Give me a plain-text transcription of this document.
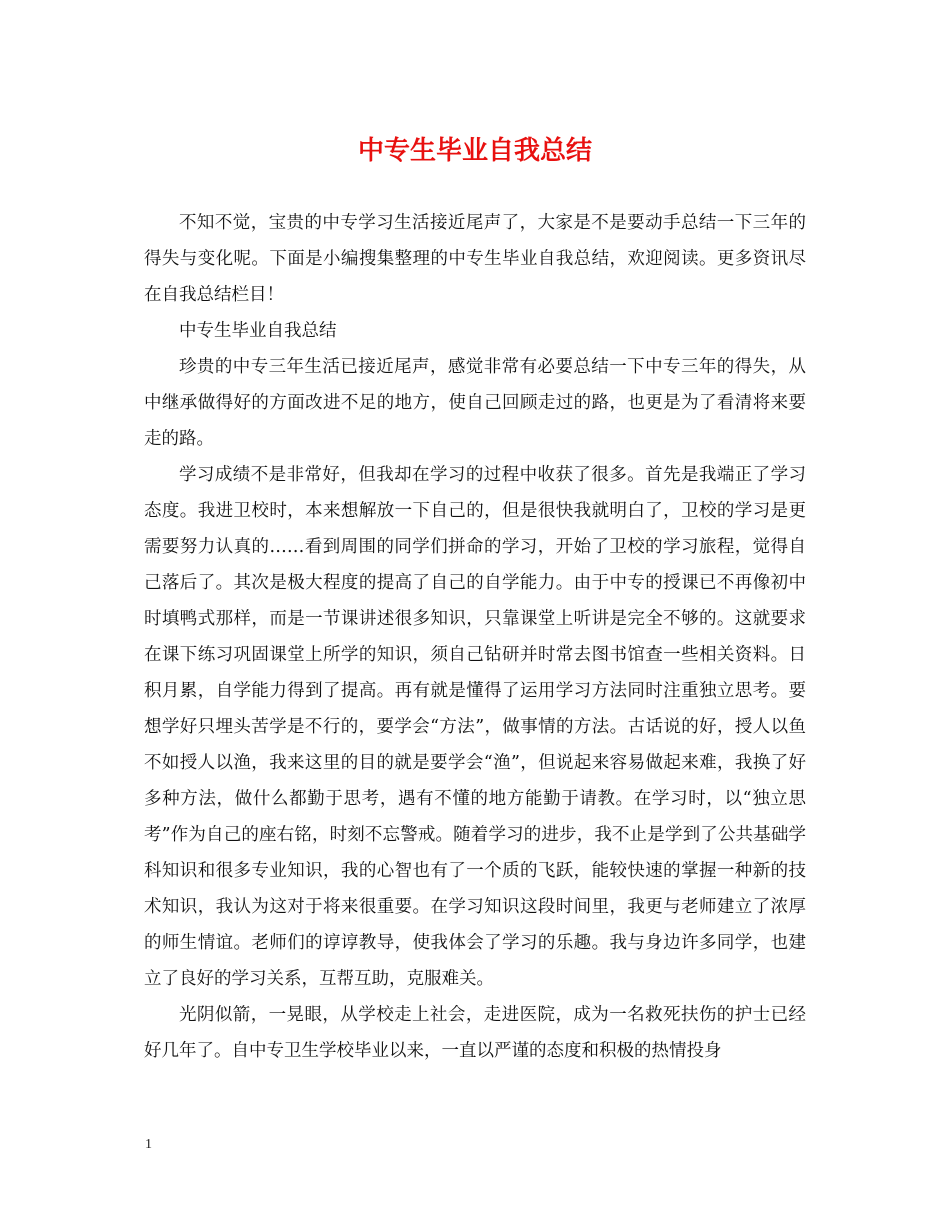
中专生毕业自我总结

不知不觉，宝贵的中专学习生活接近尾声了，大家是不是要动手总结一下三年的得失与变化呢。下面是小编搜集整理的中专生毕业自我总结，欢迎阅读。更多资讯尽在自我总结栏目！

中专生毕业自我总结

珍贵的中专三年生活已接近尾声，感觉非常有必要总结一下中专三年的得失，从中继承做得好的方面改进不足的地方，使自己回顾走过的路，也更是为了看清将来要走的路。

学习成绩不是非常好，但我却在学习的过程中收获了很多。首先是我端正了学习态度。我进卫校时，本来想解放一下自己的，但是很快我就明白了，卫校的学习是更需要努力认真的……看到周围的同学们拼命的学习，开始了卫校的学习旅程，觉得自己落后了。其次是极大程度的提高了自己的自学能力。由于中专的授课已不再像初中时填鸭式那样，而是一节课讲述很多知识，只靠课堂上听讲是完全不够的。这就要求在课下练习巩固课堂上所学的知识，须自己钻研并时常去图书馆查一些相关资料。日积月累，自学能力得到了提高。再有就是懂得了运用学习方法同时注重独立思考。要想学好只埋头苦学是不行的，要学会“方法”，做事情的方法。古话说的好，授人以鱼不如授人以渔，我来这里的目的就是要学会“渔”，但说起来容易做起来难，我换了好多种方法，做什么都勤于思考，遇有不懂的地方能勤于请教。在学习时，以“独立思考”作为自己的座右铭，时刻不忘警戒。随着学习的进步，我不止是学到了公共基础学科知识和很多专业知识，我的心智也有了一个质的飞跃，能较快速的掌握一种新的技术知识，我认为这对于将来很重要。在学习知识这段时间里，我更与老师建立了浓厚的师生情谊。老师们的谆谆教导，使我体会了学习的乐趣。我与身边许多同学，也建立了良好的学习关系，互帮互助，克服难关。

光阴似箭，一晃眼，从学校走上社会，走进医院，成为一名救死扶伤的护士已经好几年了。自中专卫生学校毕业以来，一直以严谨的态度和积极的热情投身

1
